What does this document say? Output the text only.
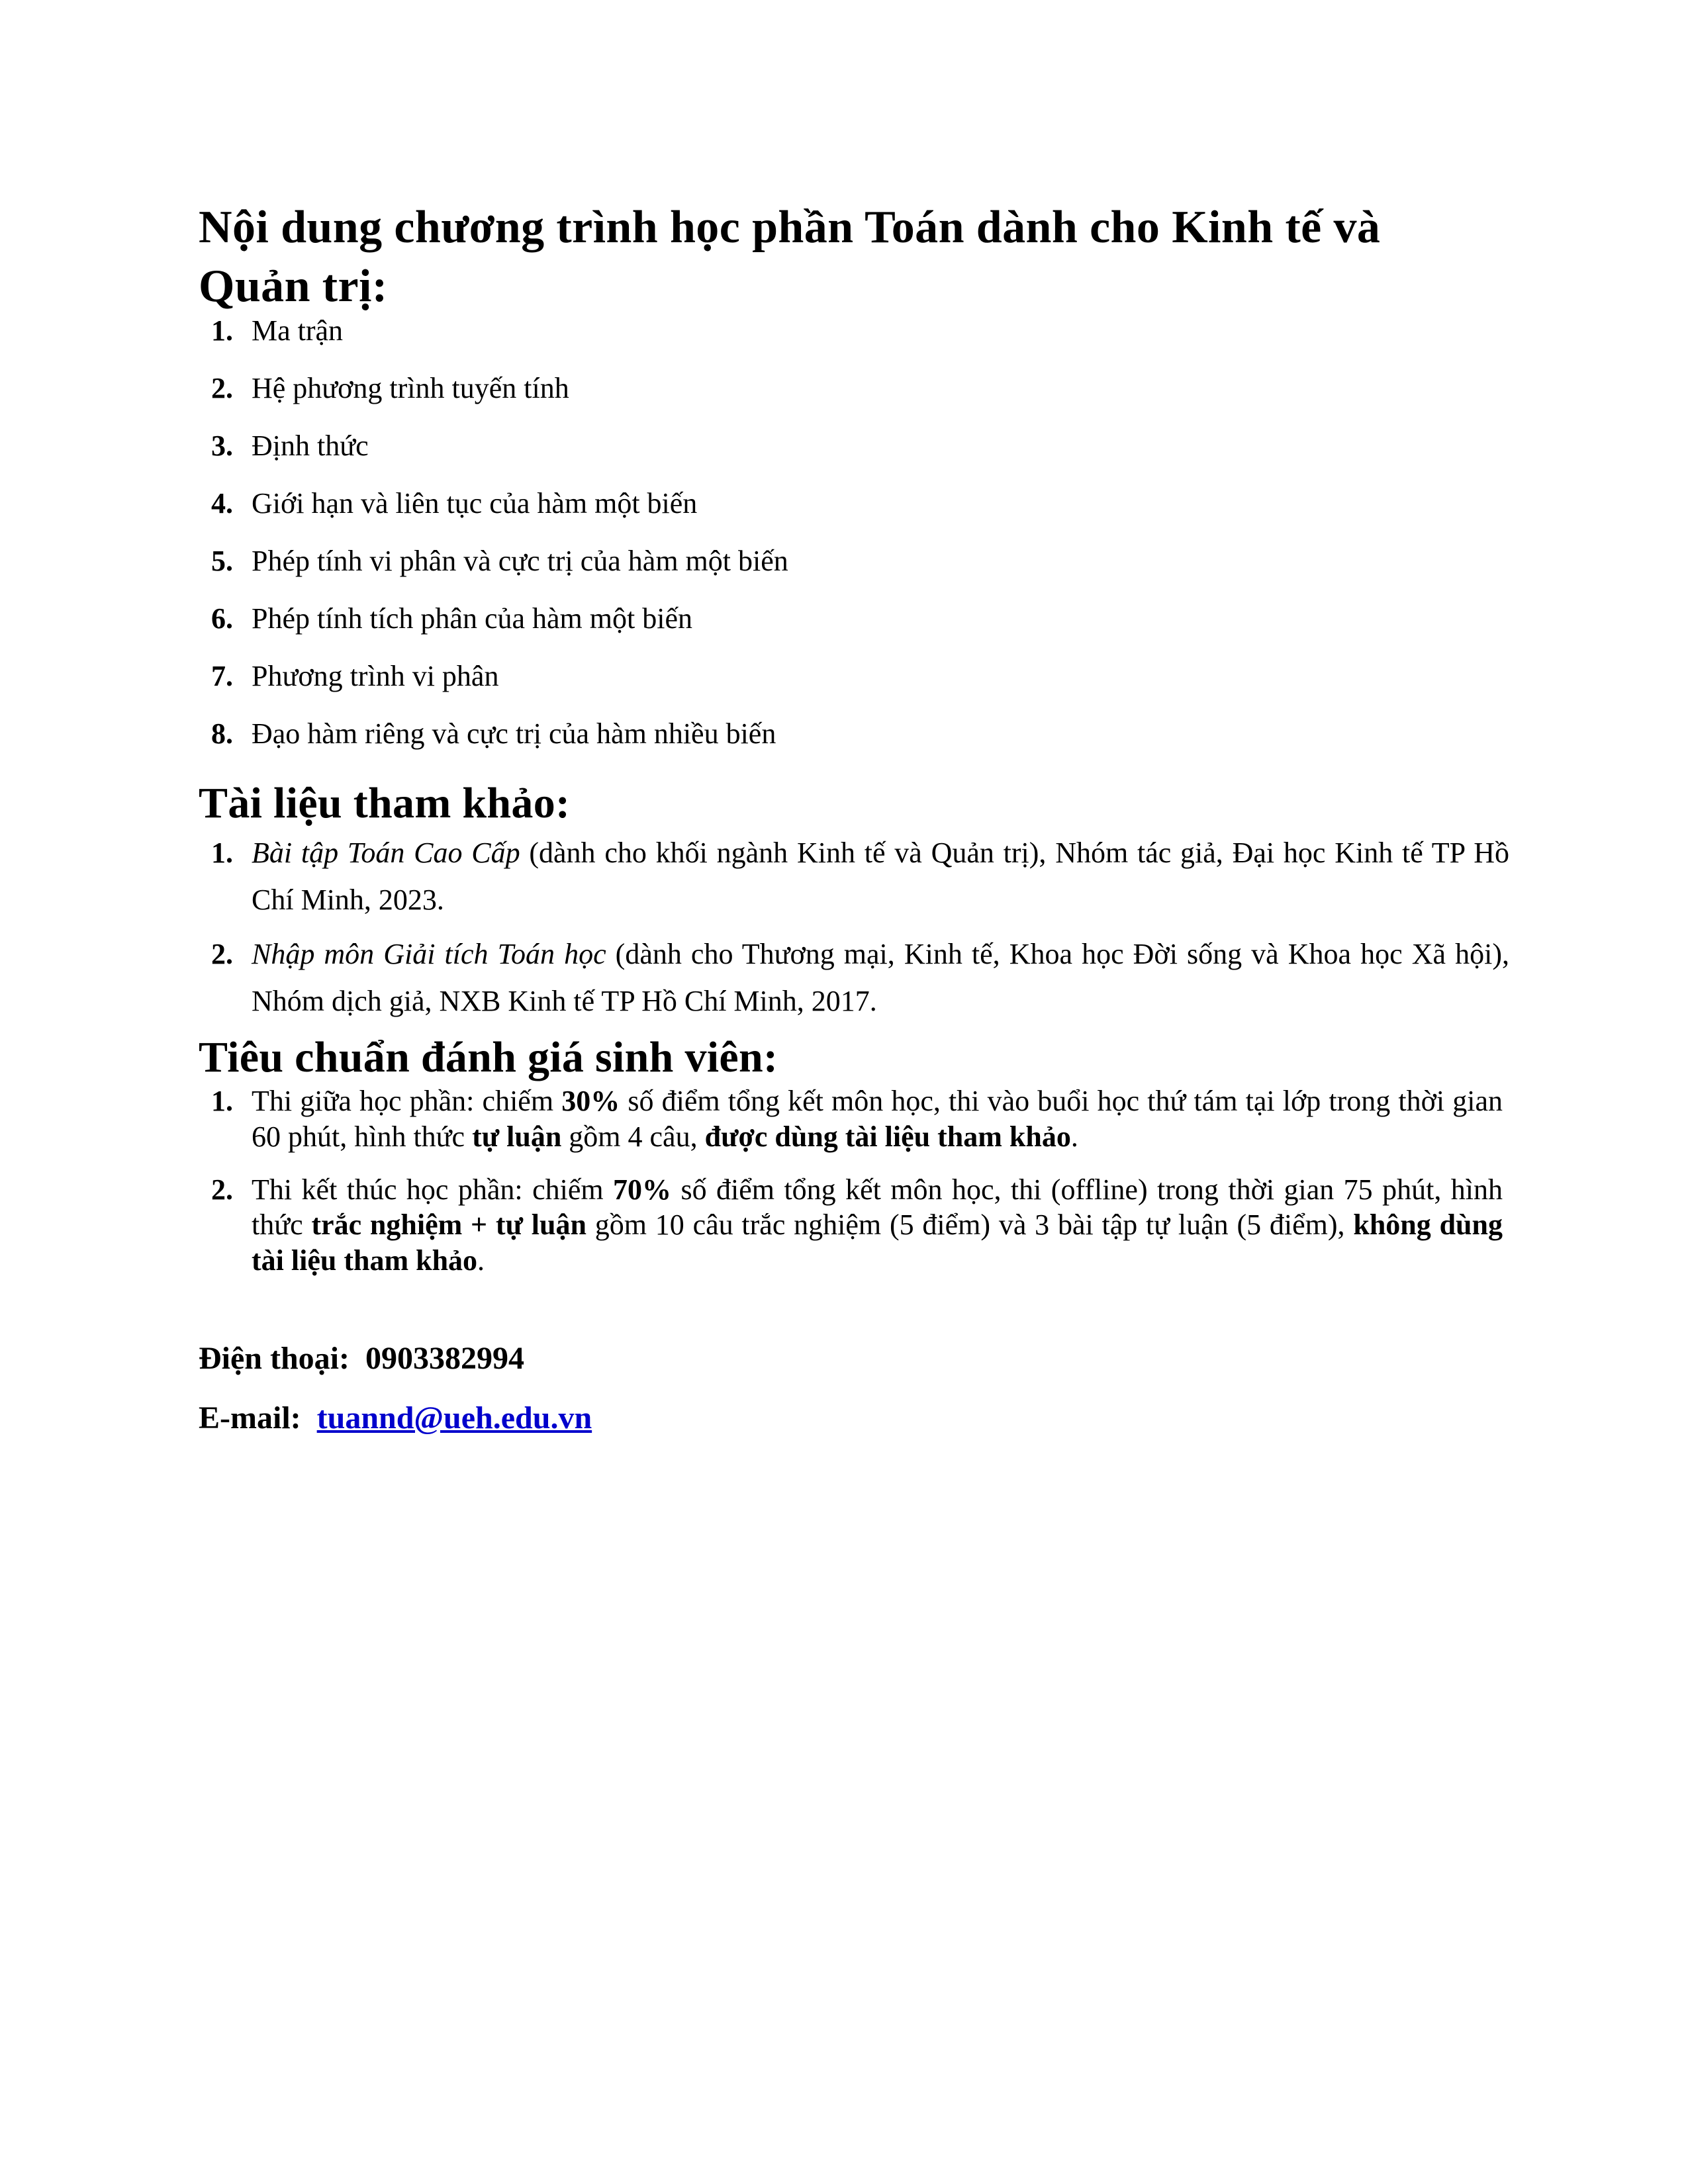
Nội dung chương trình học phần Toán dành cho Kinh tế và Quản trị:
1. Ma trận
2. Hệ phương trình tuyến tính
3. Định thức
4. Giới hạn và liên tục của hàm một biến
5. Phép tính vi phân và cực trị của hàm một biến
6. Phép tính tích phân của hàm một biến
7. Phương trình vi phân
8. Đạo hàm riêng và cực trị của hàm nhiều biến
Tài liệu tham khảo:
1. Bài tập Toán Cao Cấp (dành cho khối ngành Kinh tế và Quản trị), Nhóm tác giả, Đại học Kinh tế TP Hồ Chí Minh, 2023.
2. Nhập môn Giải tích Toán học (dành cho Thương mại, Kinh tế, Khoa học Đời sống và Khoa học Xã hội), Nhóm dịch giả, NXB Kinh tế TP Hồ Chí Minh, 2017.
Tiêu chuẩn đánh giá sinh viên:
1. Thi giữa học phần: chiếm 30% số điểm tổng kết môn học, thi vào buổi học thứ tám tại lớp trong thời gian 60 phút, hình thức tự luận gồm 4 câu, được dùng tài liệu tham khảo.
2. Thi kết thúc học phần: chiếm 70% số điểm tổng kết môn học, thi (offline) trong thời gian 75 phút, hình thức trắc nghiệm + tự luận gồm 10 câu trắc nghiệm (5 điểm) và 3 bài tập tự luận (5 điểm), không dùng tài liệu tham khảo.
Điện thoại: 0903382994
E-mail: tuannd@ueh.edu.vn
